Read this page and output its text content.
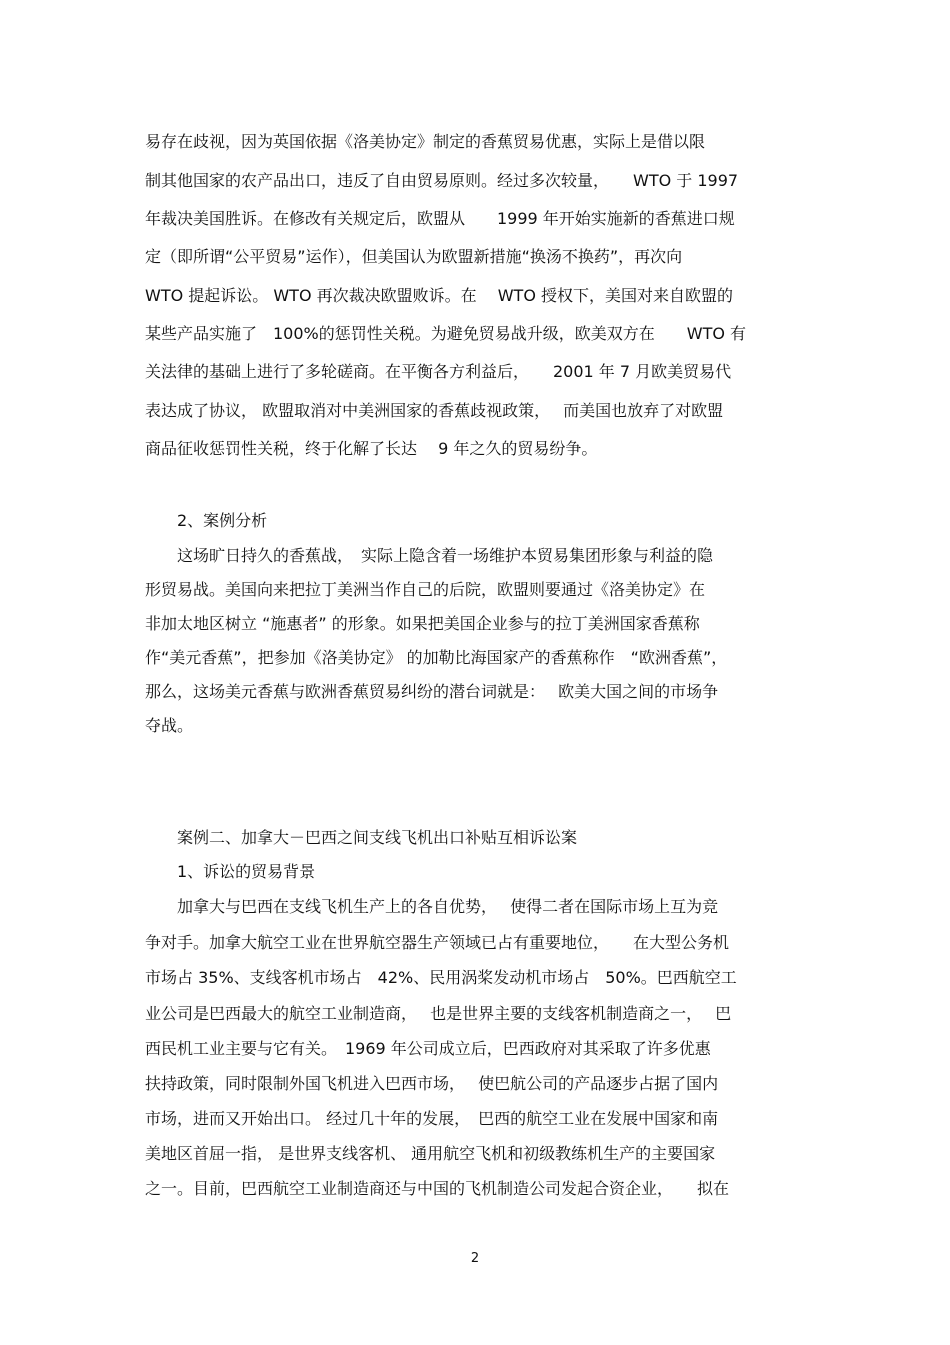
易存在歧视，因为英国依据《洛美协定》制定的香蕉贸易优惠，实际上是借以限
制其他国家的农产品出口，违反了自由贸易原则。经过多次较量，　　WTO 于 1997
年裁决美国胜诉。在修改有关规定后，欧盟从　　1999 年开始实施新的香蕉进口规
定（即所谓“公平贸易”运作），但美国认为欧盟新措施“换汤不换药”，再次向
WTO 提起诉讼。 WTO 再次裁决欧盟败诉。在　 WTO 授权下，美国对来自欧盟的
某些产品实施了　100%的惩罚性关税。为避免贸易战升级，欧美双方在　　WTO 有
关法律的基础上进行了多轮磋商。在平衡各方利益后，　　2001 年 7 月欧美贸易代
表达成了协议， 欧盟取消对中美洲国家的香蕉歧视政策，　 而美国也放弃了对欧盟
商品征收惩罚性关税，终于化解了长达　 9 年之久的贸易纷争。
2、案例分析
这场旷日持久的香蕉战，　实际上隐含着一场维护本贸易集团形象与利益的隐
形贸易战。美国向来把拉丁美洲当作自己的后院，欧盟则要通过《洛美协定》在
非加太地区树立 “施惠者” 的形象。如果把美国企业参与的拉丁美洲国家香蕉称
作“美元香蕉”，把参加《洛美协定》 的加勒比海国家产的香蕉称作　“欧洲香蕉”，
那么，这场美元香蕉与欧洲香蕉贸易纠纷的潜台词就是：　 欧美大国之间的市场争
夺战。
案例二、加拿大－巴西之间支线飞机出口补贴互相诉讼案
1、诉讼的贸易背景
加拿大与巴西在支线飞机生产上的各自优势，　 使得二者在国际市场上互为竞
争对手。加拿大航空工业在世界航空器生产领域已占有重要地位，　　在大型公务机
市场占 35%、支线客机市场占　42%、民用涡桨发动机市场占　50%。巴西航空工
业公司是巴西最大的航空工业制造商，　 也是世界主要的支线客机制造商之一，　 巴
西民机工业主要与它有关。　1969 年公司成立后，巴西政府对其采取了许多优惠
扶持政策，同时限制外国飞机进入巴西市场，　 使巴航公司的产品逐步占据了国内
市场，进而又开始出口。 经过几十年的发展，　巴西的航空工业在发展中国家和南
美地区首屈一指， 是世界支线客机、 通用航空飞机和初级教练机生产的主要国家
之一。目前，巴西航空工业制造商还与中国的飞机制造公司发起合资企业，　　拟在
2
